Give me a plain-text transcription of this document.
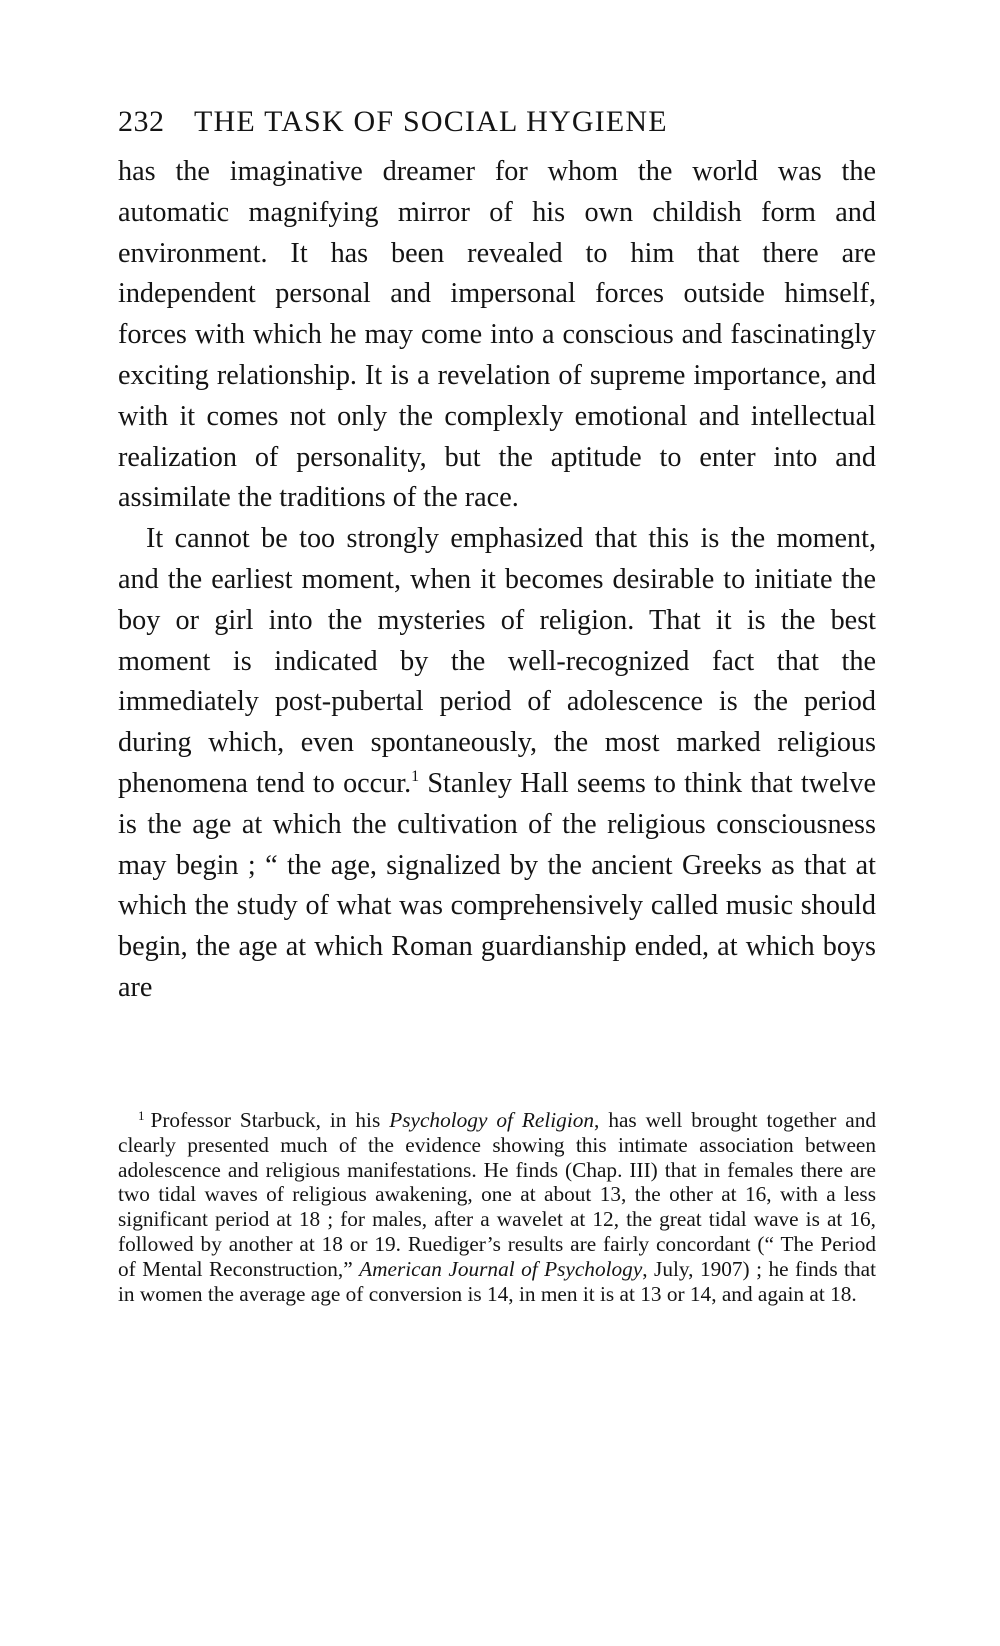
232 THE TASK OF SOCIAL HYGIENE

has the imaginative dreamer for whom the world was the automatic magnifying mirror of his own childish form and environment. It has been revealed to him that there are independent personal and impersonal forces outside himself, forces with which he may come into a conscious and fascinatingly exciting relationship. It is a revelation of supreme importance, and with it comes not only the complexly emotional and intellectual realization of personality, but the aptitude to enter into and assimilate the traditions of the race.

It cannot be too strongly emphasized that this is the moment, and the earliest moment, when it becomes desirable to initiate the boy or girl into the mysteries of religion. That it is the best moment is indicated by the well-recognized fact that the immediately post-pubertal period of adolescence is the period during which, even spontaneously, the most marked religious phenomena tend to occur.$^1$ Stanley Hall seems to think that twelve is the age at which the cultivation of the religious consciousness may begin ; “ the age, signalized by the ancient Greeks as that at which the study of what was comprehensively called music should begin, the age at which Roman guardianship ended, at which boys are

$^1$ Professor Starbuck, in his Psychology of Religion, has well brought together and clearly presented much of the evidence showing this intimate association between adolescence and religious manifestations. He finds (Chap. III) that in females there are two tidal waves of religious awakening, one at about 13, the other at 16, with a less significant period at 18 ; for males, after a wavelet at 12, the great tidal wave is at 16, followed by another at 18 or 19. Ruediger’s results are fairly concordant (“ The Period of Mental Reconstruction,” American Journal of Psychology, July, 1907) ; he finds that in women the average age of conversion is 14, in men it is at 13 or 14, and again at 18.
